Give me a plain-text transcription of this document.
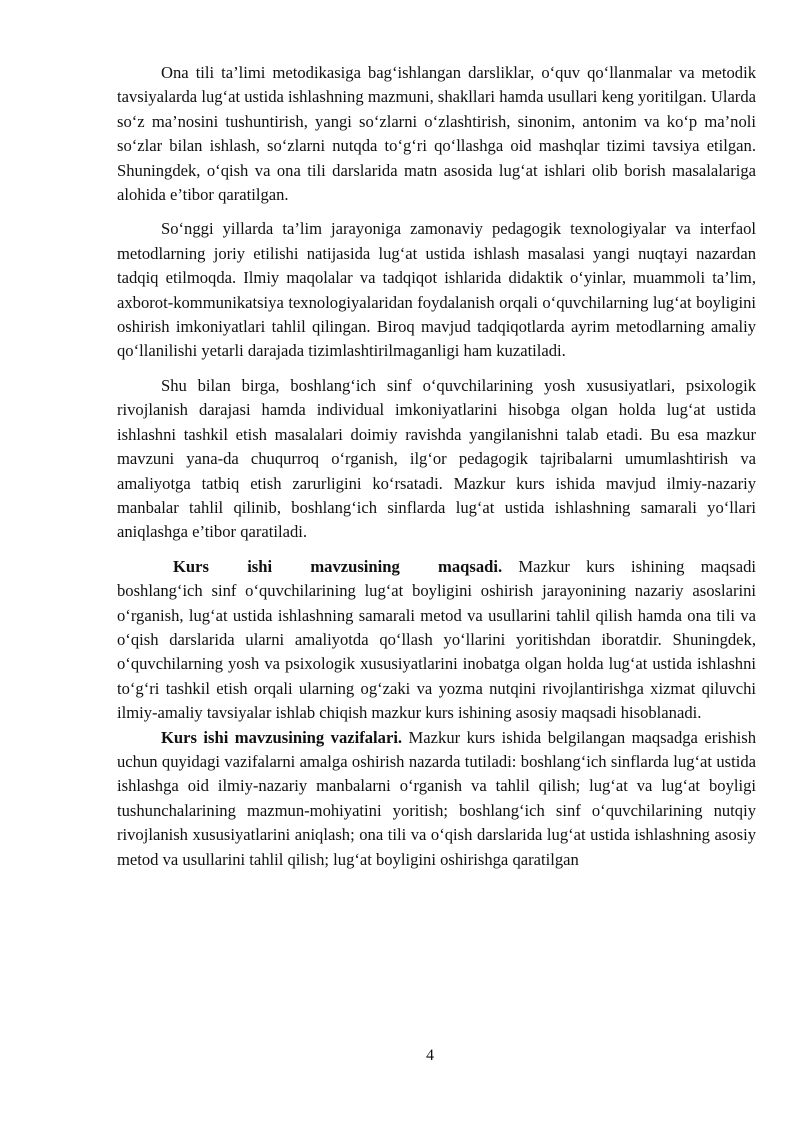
Ona tili ta’limi metodikasiga bag‘ishlangan darsliklar, o‘quv qo‘llanmalar va metodik tavsiyalarda lug‘at ustida ishlashning mazmuni, shakllari hamda usullari keng yoritilgan. Ularda so‘z ma’nosini tushuntirish, yangi so‘zlarni o‘zlashtirish, sinonim, antonim va ko‘p ma’noli so‘zlar bilan ishlash, so‘zlarni nutqda to‘g‘ri qo‘llashga oid mashqlar tizimi tavsiya etilgan. Shuningdek, o‘qish va ona tili darslarida matn asosida lug‘at ishlari olib borish masalalariga alohida e’tibor qaratilgan.

So‘nggi yillarda ta’lim jarayoniga zamonaviy pedagogik texnologiyalar va interfaol metodlarning joriy etilishi natijasida lug‘at ustida ishlash masalasi yangi nuqtayi nazardan tadqiq etilmoqda. Ilmiy maqolalar va tadqiqot ishlarida didaktik o‘yinlar, muammoli ta’lim, axborot-kommunikatsiya texnologiyalaridan foydalanish orqali o‘quvchilarning lug‘at boyligini oshirish imkoniyatlari tahlil qilingan. Biroq mavjud tadqiqotlarda ayrim metodlarning amaliy qo‘llanilishi yetarli darajada tizimlashtirilmaganligi ham kuzatiladi.

Shu bilan birga, boshlang‘ich sinf o‘quvchilarining yosh xususiyatlari, psixologik rivojlanish darajasi hamda individual imkoniyatlarini hisobga olgan holda lug‘at ustida ishlashni tashkil etish masalalari doimiy ravishda yangilanishni talab etadi. Bu esa mazkur mavzuni yana-da chuqurroq o‘rganish, ilg‘or pedagogik tajribalarni umumlashtirish va amaliyotga tatbiq etish zarurligini ko‘rsatadi. Mazkur kurs ishida mavjud ilmiy-nazariy manbalar tahlil qilinib, boshlang‘ich sinflarda lug‘at ustida ishlashning samarali yo‘llari aniqlashga e’tibor qaratiladi.

Kurs ishi mavzusining maqsadi. Mazkur kurs ishining maqsadi boshlang‘ich sinf o‘quvchilarining lug‘at boyligini oshirish jarayonining nazariy asoslarini o‘rganish, lug‘at ustida ishlashning samarali metod va usullarini tahlil qilish hamda ona tili va o‘qish darslarida ularni amaliyotda qo‘llash yo‘llarini yoritishdan iboratdir. Shuningdek, o‘quvchilarning yosh va psixologik xususiyatlarini inobatga olgan holda lug‘at ustida ishlashni to‘g‘ri tashkil etish orqali ularning og‘zaki va yozma nutqini rivojlantirishga xizmat qiluvchi ilmiy-amaliy tavsiyalar ishlab chiqish mazkur kurs ishining asosiy maqsadi hisoblanadi.

Kurs ishi mavzusining vazifalari. Mazkur kurs ishida belgilangan maqsadga erishish uchun quyidagi vazifalarni amalga oshirish nazarda tutiladi: boshlang‘ich sinflarda lug‘at ustida ishlashga oid ilmiy-nazariy manbalarni o‘rganish va tahlil qilish; lug‘at va lug‘at boyligi tushunchalarining mazmun-mohiyatini yoritish; boshlang‘ich sinf o‘quvchilarining nutqiy rivojlanish xususiyatlarini aniqlash; ona tili va o‘qish darslarida lug‘at ustida ishlashning asosiy metod va usullarini tahlil qilish; lug‘at boyligini oshirishga qaratilgan

4
